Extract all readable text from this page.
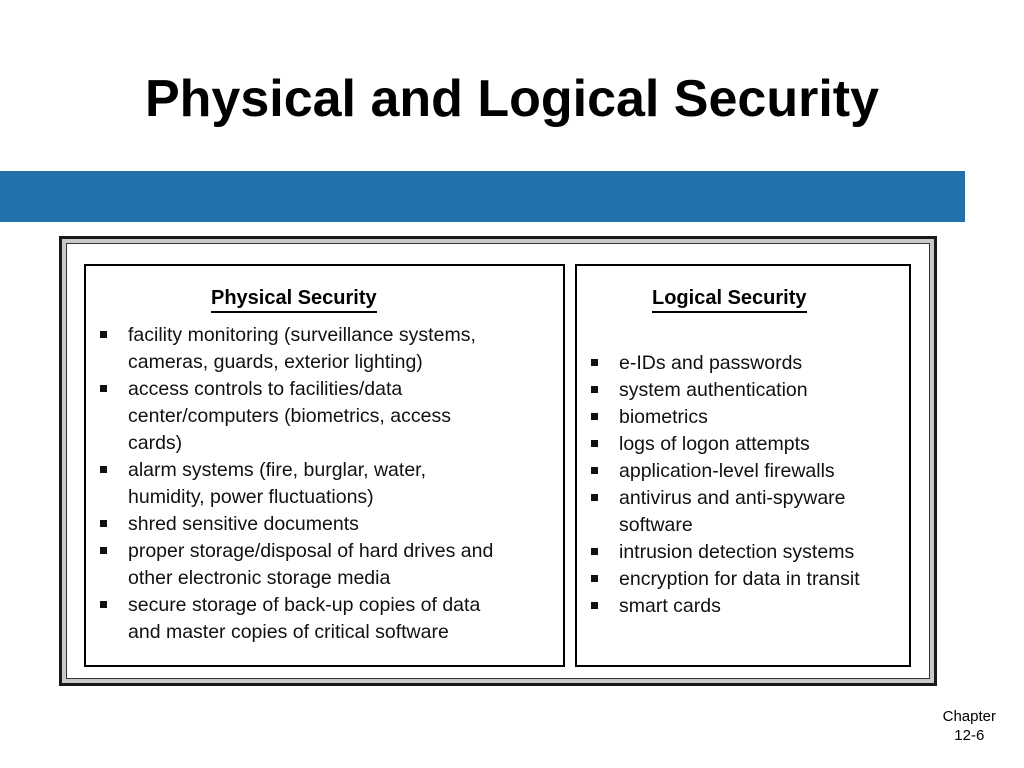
Physical and Logical Security
Physical Security
facility monitoring (surveillance systems,
cameras, guards, exterior lighting)
access controls to facilities/data
center/computers (biometrics, access
cards)
alarm systems (fire, burglar, water,
humidity, power fluctuations)
shred sensitive documents
proper storage/disposal of hard drives and
other electronic storage media
secure storage of back-up copies of data
and master copies of critical software
Logical Security
e-IDs and passwords
system authentication
biometrics
logs of logon attempts
application-level firewalls
antivirus and anti-spyware
software
intrusion detection systems
encryption for data in transit
smart cards
Chapter
12-6
